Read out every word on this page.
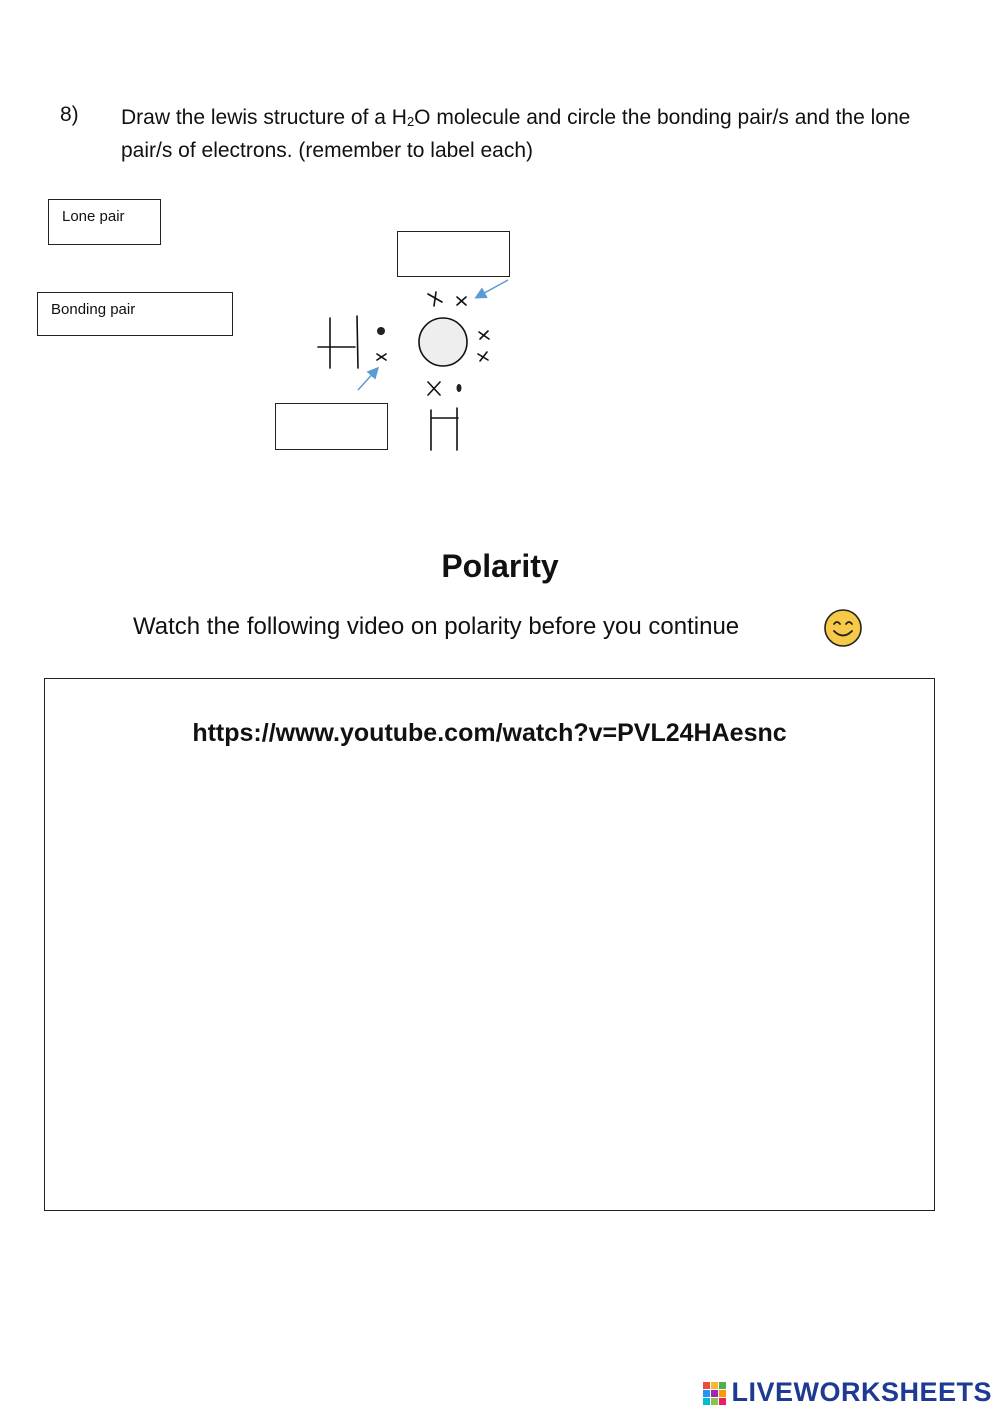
8) Draw the lewis structure of a $H_2O$ molecule and circle the bonding pair/s and the lone pair/s of electrons. (remember to label each)
Lone pair
Bonding pair
Polarity
Watch the following video on polarity before you continue
https://www.youtube.com/watch?v=PVL24HAesnc
LIVEWORKSHEETS
